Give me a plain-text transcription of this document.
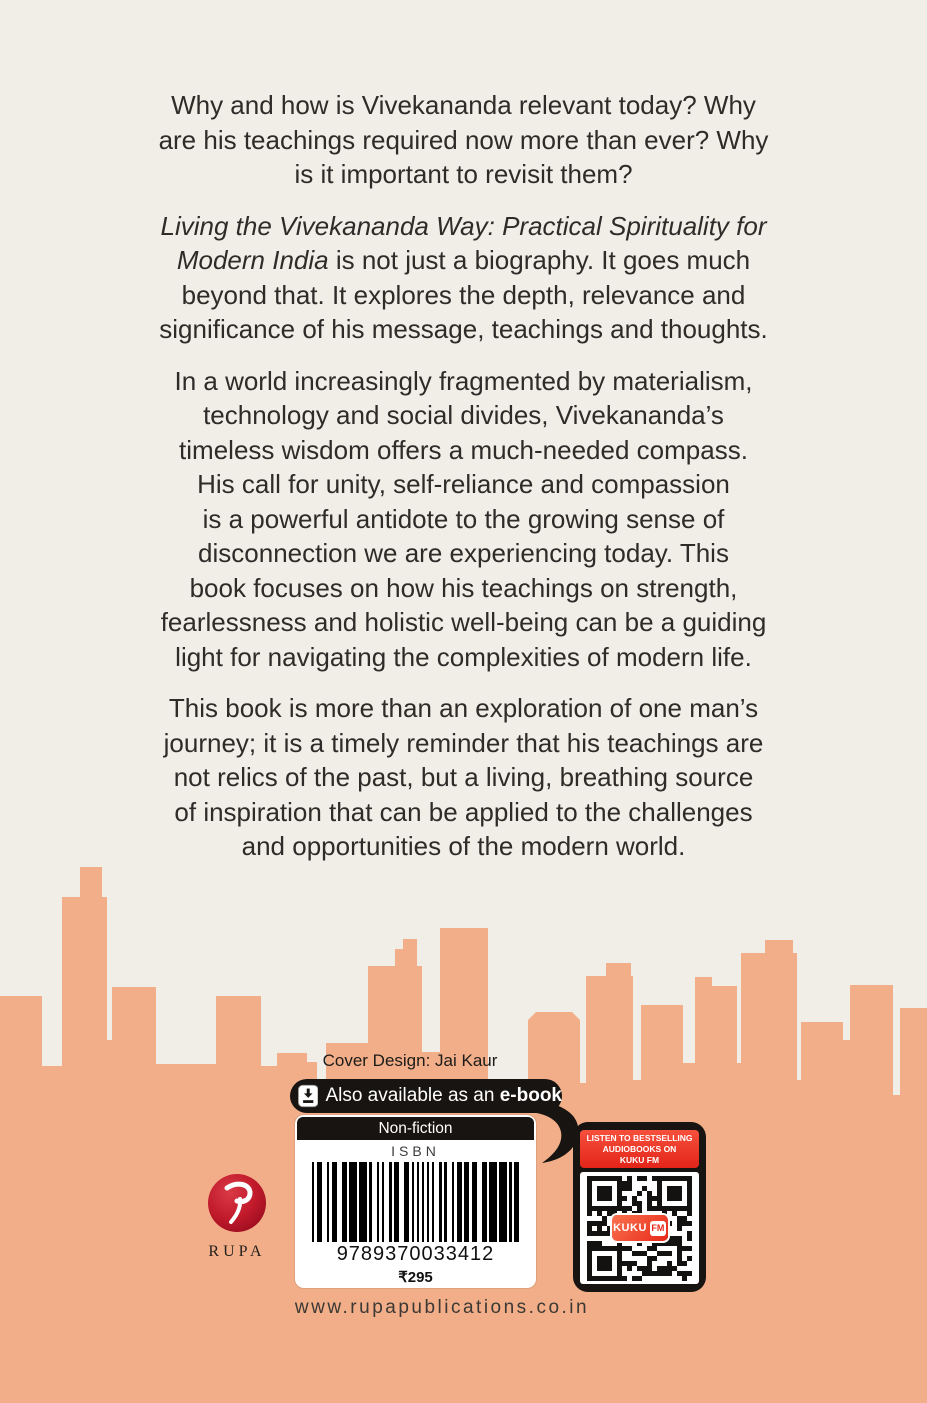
Why and how is Vivekananda relevant today? Why
are his teachings required now more than ever? Why
is it important to revisit them?
Living the Vivekananda Way: Practical Spirituality for
Modern India is not just a biography. It goes much
beyond that. It explores the depth, relevance and
significance of his message, teachings and thoughts.
In a world increasingly fragmented by materialism,
technology and social divides, Vivekananda’s
timeless wisdom offers a much-needed compass.
His call for unity, self-reliance and compassion
is a powerful antidote to the growing sense of
disconnection we are experiencing today. This
book focuses on how his teachings on strength,
fearlessness and holistic well-being can be a guiding
light for navigating the complexities of modern life.
This book is more than an exploration of one man’s
journey; it is a timely reminder that his teachings are
not relics of the past, but a living, breathing source
of inspiration that can be applied to the challenges
and opportunities of the modern world.
Cover Design: Jai Kaur
Also available as an e-book
Non-fiction
ISBN
9789370033412
₹295
RUPA
LISTEN TO BESTSELLING
AUDIOBOOKS ON
KUKU FM
KUKU FM
www.rupapublications.co.in
